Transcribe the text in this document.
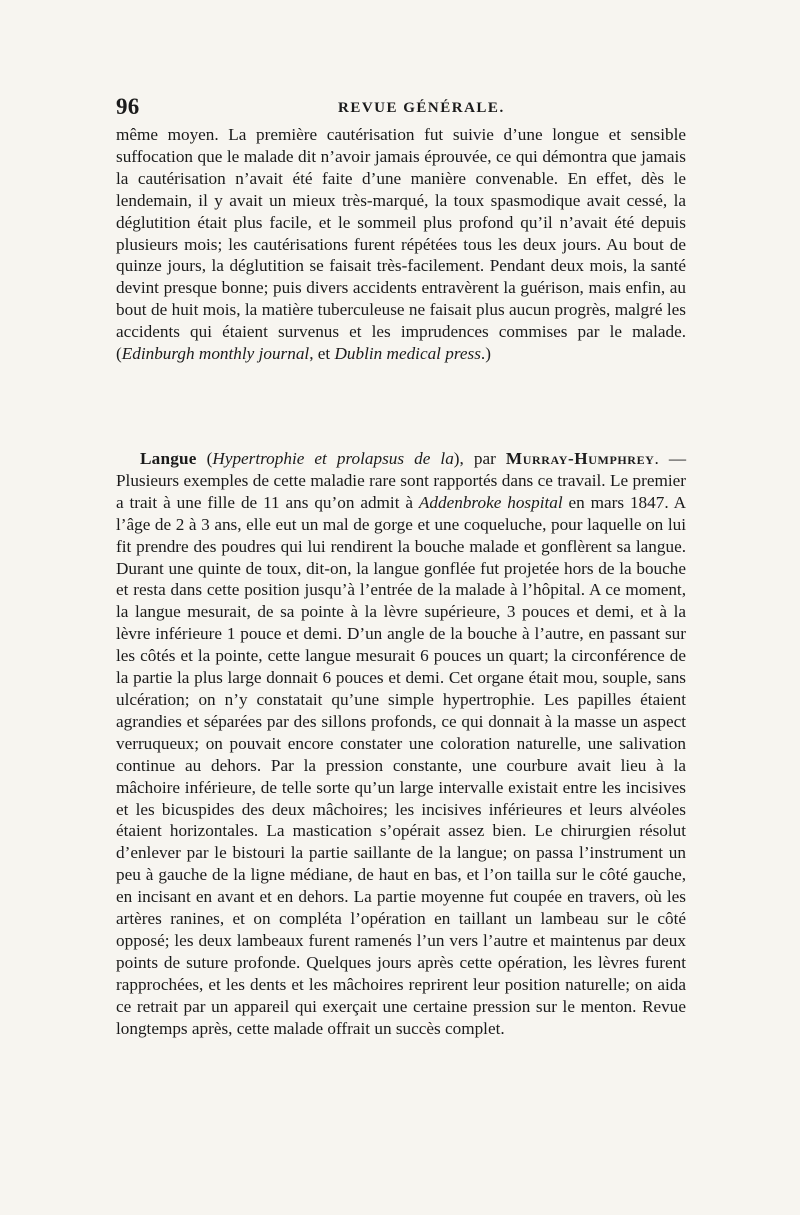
96	REVUE GÉNÉRALE.
même moyen. La première cautérisation fut suivie d’une longue et sensible suffocation que le malade dit n’avoir jamais éprouvée, ce qui démontra que jamais la cautérisation n’avait été faite d’une manière convenable. En effet, dès le lendemain, il y avait un mieux très-marqué, la toux spasmodique avait cessé, la déglutition était plus facile, et le sommeil plus profond qu’il n’avait été depuis plusieurs mois; les cautérisations furent répétées tous les deux jours. Au bout de quinze jours, la déglutition se faisait très-facilement. Pendant deux mois, la santé devint presque bonne; puis divers accidents entravèrent la guérison, mais enfin, au bout de huit mois, la matière tuberculeuse ne faisait plus aucun progrès, malgré les accidents qui étaient survenus et les imprudences commises par le malade. (Edinburgh monthly journal, et Dublin medical press.)
Langue (Hypertrophie et prolapsus de la), par Murray-Humphrey. — Plusieurs exemples de cette maladie rare sont rapportés dans ce travail. Le premier a trait à une fille de 11 ans qu’on admit à Addenbroke hospital en mars 1847. A l’âge de 2 à 3 ans, elle eut un mal de gorge et une coqueluche, pour laquelle on lui fit prendre des poudres qui lui rendirent la bouche malade et gonflèrent sa langue. Durant une quinte de toux, dit-on, la langue gonflée fut projetée hors de la bouche et resta dans cette position jusqu’à l’entrée de la malade à l’hôpital. A ce moment, la langue mesurait, de sa pointe à la lèvre supérieure, 3 pouces et demi, et à la lèvre inférieure 1 pouce et demi. D’un angle de la bouche à l’autre, en passant sur les côtés et la pointe, cette langue mesurait 6 pouces un quart; la circonférence de la partie la plus large donnait 6 pouces et demi. Cet organe était mou, souple, sans ulcération; on n’y constatait qu’une simple hypertrophie. Les papilles étaient agrandies et séparées par des sillons profonds, ce qui donnait à la masse un aspect verruqueux; on pouvait encore constater une coloration naturelle, une salivation continue au dehors. Par la pression constante, une courbure avait lieu à la mâchoire inférieure, de telle sorte qu’un large intervalle existait entre les incisives et les bicuspides des deux mâchoires; les incisives inférieures et leurs alvéoles étaient horizontales. La mastication s’opérait assez bien. Le chirurgien résolut d’enlever par le bistouri la partie saillante de la langue; on passa l’instrument un peu à gauche de la ligne médiane, de haut en bas, et l’on tailla sur le côté gauche, en incisant en avant et en dehors. La partie moyenne fut coupée en travers, où les artères ranines, et on compléta l’opération en taillant un lambeau sur le côté opposé; les deux lambeaux furent ramenés l’un vers l’autre et maintenus par deux points de suture profonde. Quelques jours après cette opération, les lèvres furent rapprochées, et les dents et les mâchoires reprirent leur position naturelle; on aida ce retrait par un appareil qui exerçait une certaine pression sur le menton. Revue longtemps après, cette malade offrait un succès complet.
